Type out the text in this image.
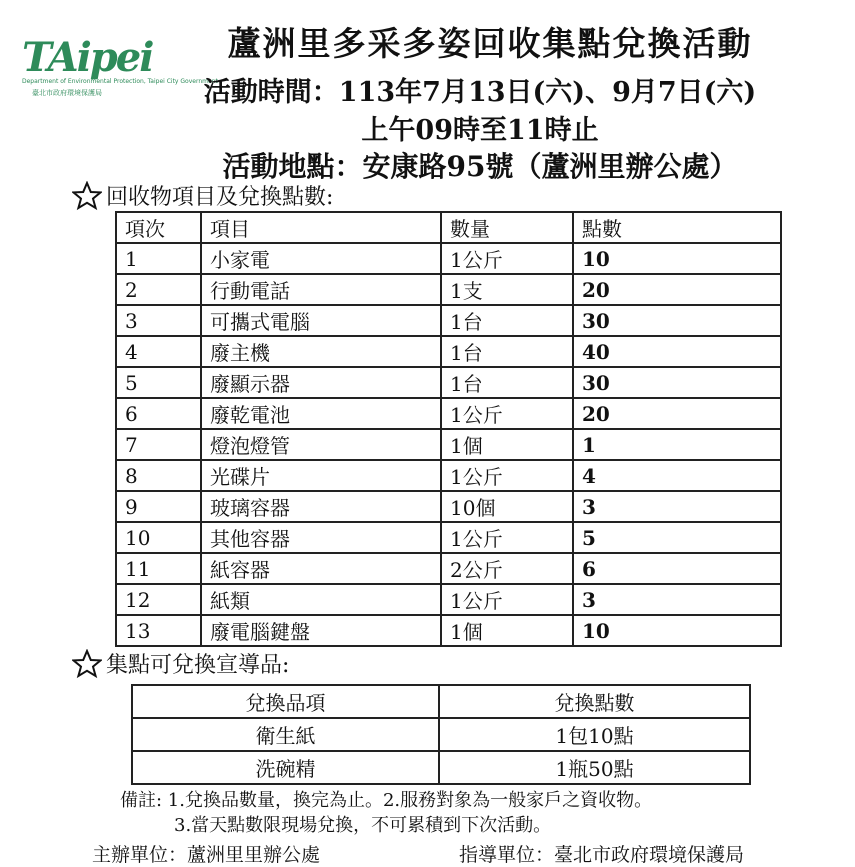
TAipei
Department of Environmental Protection, Taipei City Government
臺北市政府環境保護局
蘆洲里多采多姿回收集點兌換活動
活動時間：113年7月13日(六)、9月7日(六)
上午09時至11時止
活動地點：安康路95號（蘆洲里辦公處）
回收物項目及兌換點數:
項次	項目	數量	點數
1	小家電	1公斤	10
2	行動電話	1支	20
3	可攜式電腦	1台	30
4	廢主機	1台	40
5	廢顯示器	1台	30
6	廢乾電池	1公斤	20
7	燈泡燈管	1個	1
8	光碟片	1公斤	4
9	玻璃容器	10個	3
10	其他容器	1公斤	5
11	紙容器	2公斤	6
12	紙類	1公斤	3
13	廢電腦鍵盤	1個	10
集點可兌換宣導品:
兌換品項	兌換點數
衛生紙	1包10點
洗碗精	1瓶50點
備註: 1.兌換品數量，換完為止。2.服務對象為一般家戶之資收物。
3.當天點數限現場兌換，不可累積到下次活動。
主辦單位：蘆洲里里辦公處	指導單位：臺北市政府環境保護局
